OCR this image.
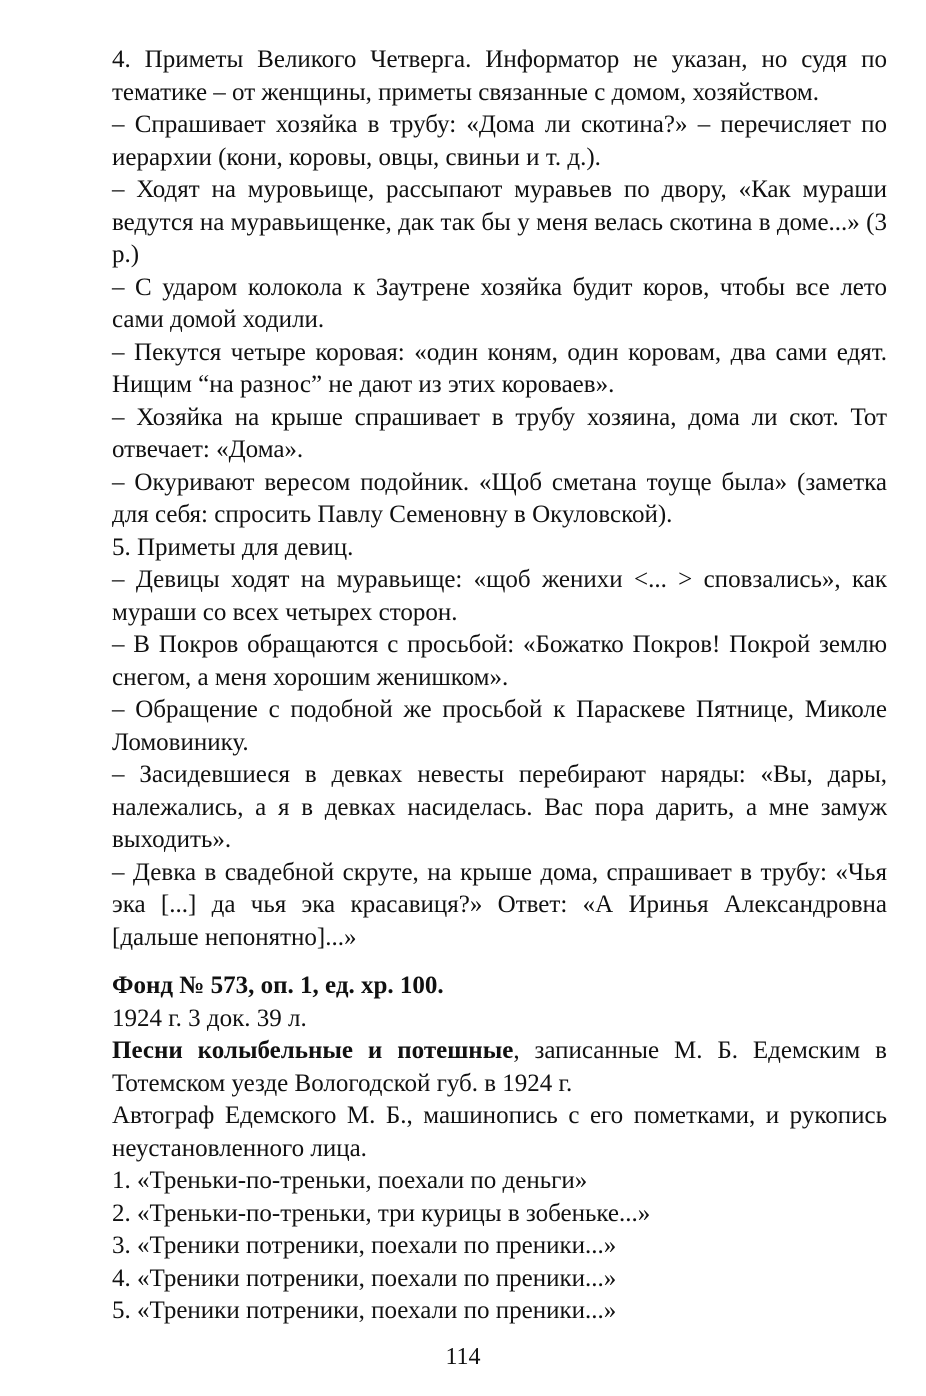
4. Приметы Великого Четверга. Информатор не указан, но судя по тематике – от женщины, приметы связанные с домом, хозяйством.

– Спрашивает хозяйка в трубу: «Дома ли скотина?» – перечисляет по иерархии (кони, коровы, овцы, свиньи и т. д.).

– Ходят на муровьище, рассыпают муравьев по двору, «Как мураши ведутся на муравьищенке, дак так бы у меня велась скотина в доме...» (3 р.)

– С ударом колокола к Заутрене хозяйка будит коров, чтобы все лето сами домой ходили.

– Пекутся четыре коровая: «один коням, один коровам, два сами едят. Нищим “на разнос” не дают из этих короваев».

– Хозяйка на крыше спрашивает в трубу хозяина, дома ли скот. Тот отвечает: «Дома».

– Окуривают вересом подойник. «Щоб сметана тоуще была» (заметка для себя: спросить Павлу Семеновну в Окуловской).

5. Приметы для девиц.

– Девицы ходят на муравьище: «щоб женихи <... > сповзались», как мураши со всех четырех сторон.

– В Покров обращаются с просьбой: «Божатко Покров! Покрой землю снегом, а меня хорошим женишком».

– Обращение с подобной же просьбой к Параскеве Пятнице, Миколе Ломовинику.

– Засидевшиеся в девках невесты перебирают наряды: «Вы, дары, належались, а я в девках насиделась. Вас пора дарить, а мне замуж выходить».

– Девка в свадебной скруте, на крыше дома, спрашивает в трубу: «Чья эка [...] да чья эка красавиця?» Ответ: «А Иринья Александровна [дальше непонятно]...»

Фонд № 573, оп. 1, ед. хр. 100.

1924 г. 3 док. 39 л.

Песни колыбельные и потешные, записанные М. Б. Едемским в Тотемском уезде Вологодской губ. в 1924 г.

Автограф Едемского М. Б., машинопись с его пометками, и рукопись неустановленного лица.

1. «Треньки-по-треньки, поехали по деньги»

2. «Треньки-по-треньки, три курицы в зобеньке...»

3. «Треники потреники, поехали по преники...»

4. «Треники потреники, поехали по преники...»

5. «Треники потреники, поехали по преники...»

114
